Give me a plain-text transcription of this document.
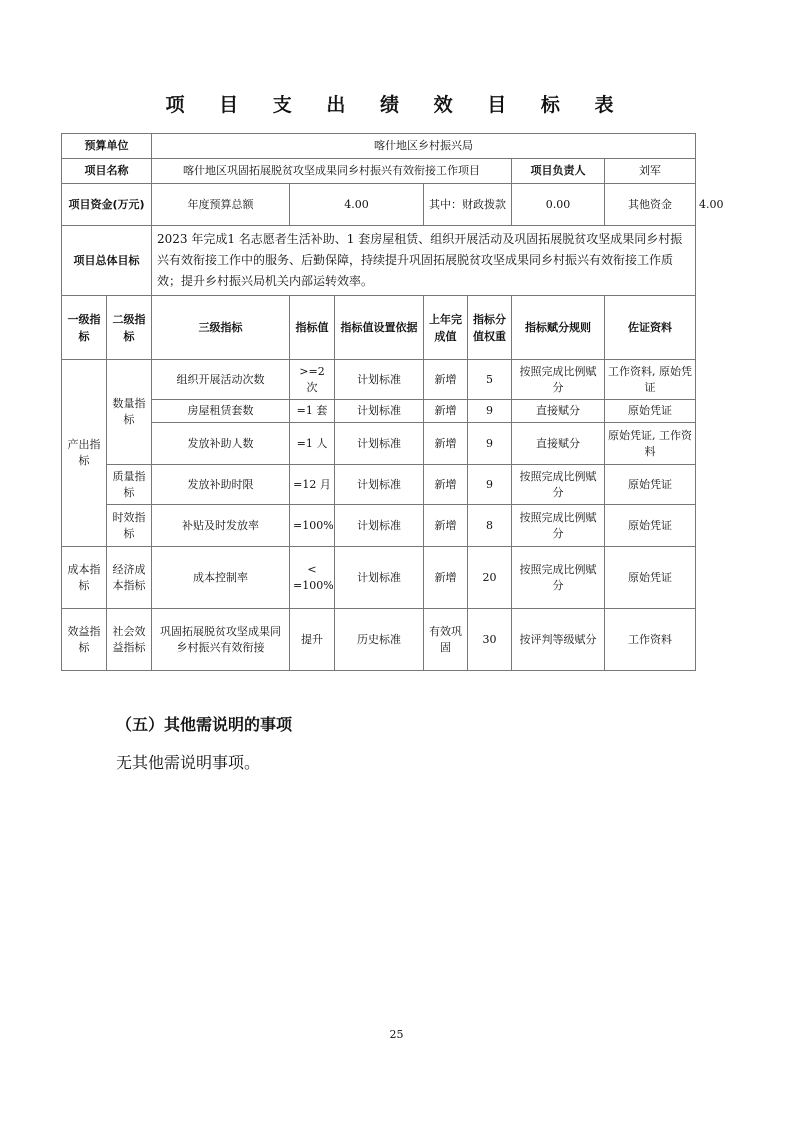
项 目 支 出 绩 效 目 标 表
预算单位		喀什地区乡村振兴局							
项目名称		喀什地区巩固拓展脱贫攻坚成果同乡村振兴有效衔接工作项目					项目负责人	刘军	
项目资金(万元)		年度预算总额	4.00		其中：财政拨款		0.00	其他资金	4.00
项目总体目标		2023 年完成1 名志愿者生活补助、1 套房屋租赁、组织开展活动及巩固拓展脱贫攻坚成果同乡村振兴有效衔接工作中的服务、后勤保障，持续提升巩固拓展脱贫攻坚成果同乡村振兴有效衔接工作质效；提升乡村振兴局机关内部运转效率。							
一级指标	二级指标	三级指标	指标值	指标值设置依据	上年完成值	指标分值权重	指标赋分规则	佐证资料	
产出指标	数量指标	组织开展活动次数	>=2 次	计划标准	新增	5	按照完成比例赋分	工作资料, 原始凭证	
		房屋租赁套数	=1 套	计划标准	新增	9	直接赋分	原始凭证	
		发放补助人数	=1 人	计划标准	新增	9	直接赋分	原始凭证, 工作资料	
	质量指标	发放补助时限	=12 月	计划标准	新增	9	按照完成比例赋分	原始凭证	
	时效指标	补贴及时发放率	=100%	计划标准	新增	8	按照完成比例赋分	原始凭证	
成本指标	经济成本指标	成本控制率	< =100%	计划标准	新增	20	按照完成比例赋分	原始凭证	
效益指标	社会效益指标	巩固拓展脱贫攻坚成果同乡村振兴有效衔接	提升	历史标准	有效巩固	30	按评判等级赋分	工作资料	
（五）其他需说明的事项
无其他需说明事项。
25
